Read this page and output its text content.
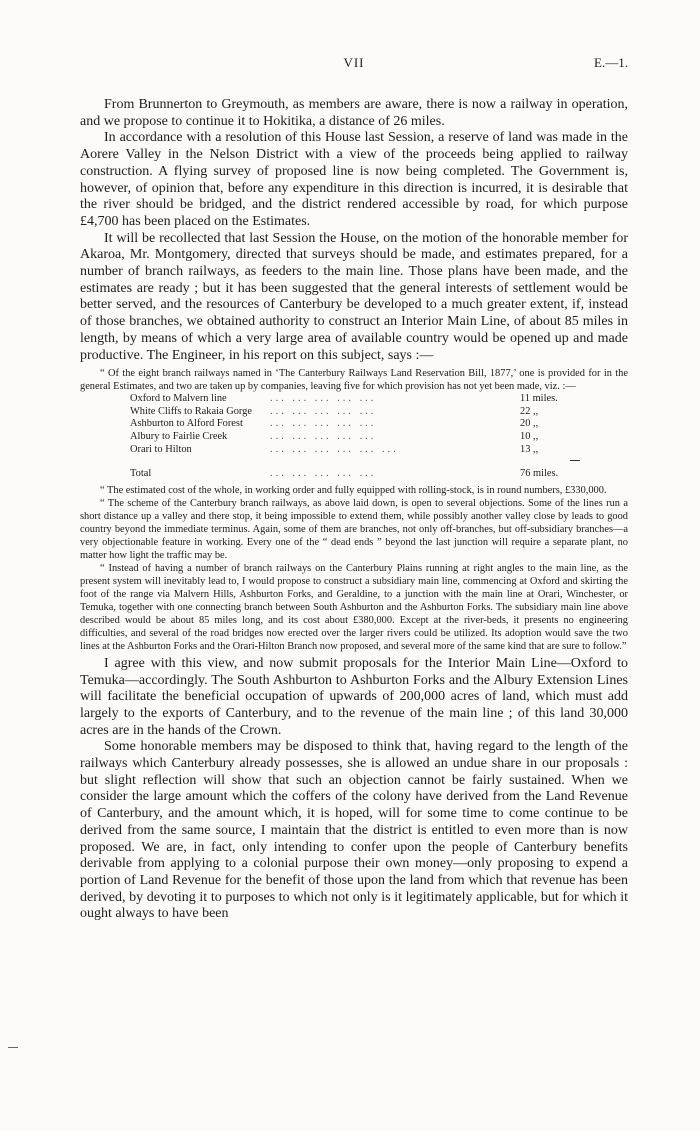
VII	E.—1.

From Brunnerton to Greymouth, as members are aware, there is now a railway in operation, and we propose to continue it to Hokitika, a distance of 26 miles.

In accordance with a resolution of this House last Session, a reserve of land was made in the Aorere Valley in the Nelson District with a view of the proceeds being applied to railway construction. A flying survey of proposed line is now being completed. The Government is, however, of opinion that, before any expenditure in this direction is incurred, it is desirable that the river should be bridged, and the district rendered accessible by road, for which purpose £4,700 has been placed on the Estimates.

It will be recollected that last Session the House, on the motion of the honorable member for Akaroa, Mr. Montgomery, directed that surveys should be made, and estimates prepared, for a number of branch railways, as feeders to the main line. Those plans have been made, and the estimates are ready ; but it has been suggested that the general interests of settlement would be better served, and the resources of Canterbury be developed to a much greater extent, if, instead of those branches, we obtained authority to construct an Interior Main Line, of about 85 miles in length, by means of which a very large area of available country would be opened up and made productive. The Engineer, in his report on this subject, says :—

“ Of the eight branch railways named in ‘The Canterbury Railways Land Reservation Bill, 1877,’ one is provided for in the general Estimates, and two are taken up by companies, leaving five for which provision has not yet been made, viz. :—

Oxford to Malvern line	... ... ... ... ...	11 miles.
White Cliffs to Rakaia Gorge	... ... ... ... ...	22 ,,
Ashburton to Alford Forest	... ... ... ... ...	20 ,,
Albury to Fairlie Creek	... ... ... ... ...	10 ,,
Orari to Hilton	... ... ... ... ... ...	13 ,,

Total	... ... ... ... ...	76 miles.

“ The estimated cost of the whole, in working order and fully equipped with rolling-stock, is in round numbers, £330,000.

“ The scheme of the Canterbury branch railways, as above laid down, is open to several objections. Some of the lines run a short distance up a valley and there stop, it being impossible to extend them, while possibly another valley close by leads to good country beyond the immediate terminus. Again, some of them are branches, not only off-branches, but off-subsidiary branches—a very objectionable feature in working. Every one of the “ dead ends ” beyond the last junction will require a separate plant, no matter how light the traffic may be.

“ Instead of having a number of branch railways on the Canterbury Plains running at right angles to the main line, as the present system will inevitably lead to, I would propose to construct a subsidiary main line, commencing at Oxford and skirting the foot of the range via Malvern Hills, Ashburton Forks, and Geraldine, to a junction with the main line at Orari, Winchester, or Temuka, together with one connecting branch between South Ashburton and the Ashburton Forks. The subsidiary main line above described would be about 85 miles long, and its cost about £380,000. Except at the river-beds, it presents no engineering difficulties, and several of the road bridges now erected over the larger rivers could be utilized. Its adoption would save the two lines at the Ashburton Forks and the Orari-Hilton Branch now proposed, and several more of the same kind that are sure to follow.”

I agree with this view, and now submit proposals for the Interior Main Line—Oxford to Temuka—accordingly. The South Ashburton to Ashburton Forks and the Albury Extension Lines will facilitate the beneficial occupation of upwards of 200,000 acres of land, which must add largely to the exports of Canterbury, and to the revenue of the main line ; of this land 30,000 acres are in the hands of the Crown.

Some honorable members may be disposed to think that, having regard to the length of the railways which Canterbury already possesses, she is allowed an undue share in our proposals : but slight reflection will show that such an objection cannot be fairly sustained. When we consider the large amount which the coffers of the colony have derived from the Land Revenue of Canterbury, and the amount which, it is hoped, will for some time to come continue to be derived from the same source, I maintain that the district is entitled to even more than is now proposed. We are, in fact, only intending to confer upon the people of Canterbury benefits derivable from applying to a colonial purpose their own money—only proposing to expend a portion of Land Revenue for the benefit of those upon the land from which that revenue has been derived, by devoting it to purposes to which not only is it legitimately applicable, but for which it ought always to have been
